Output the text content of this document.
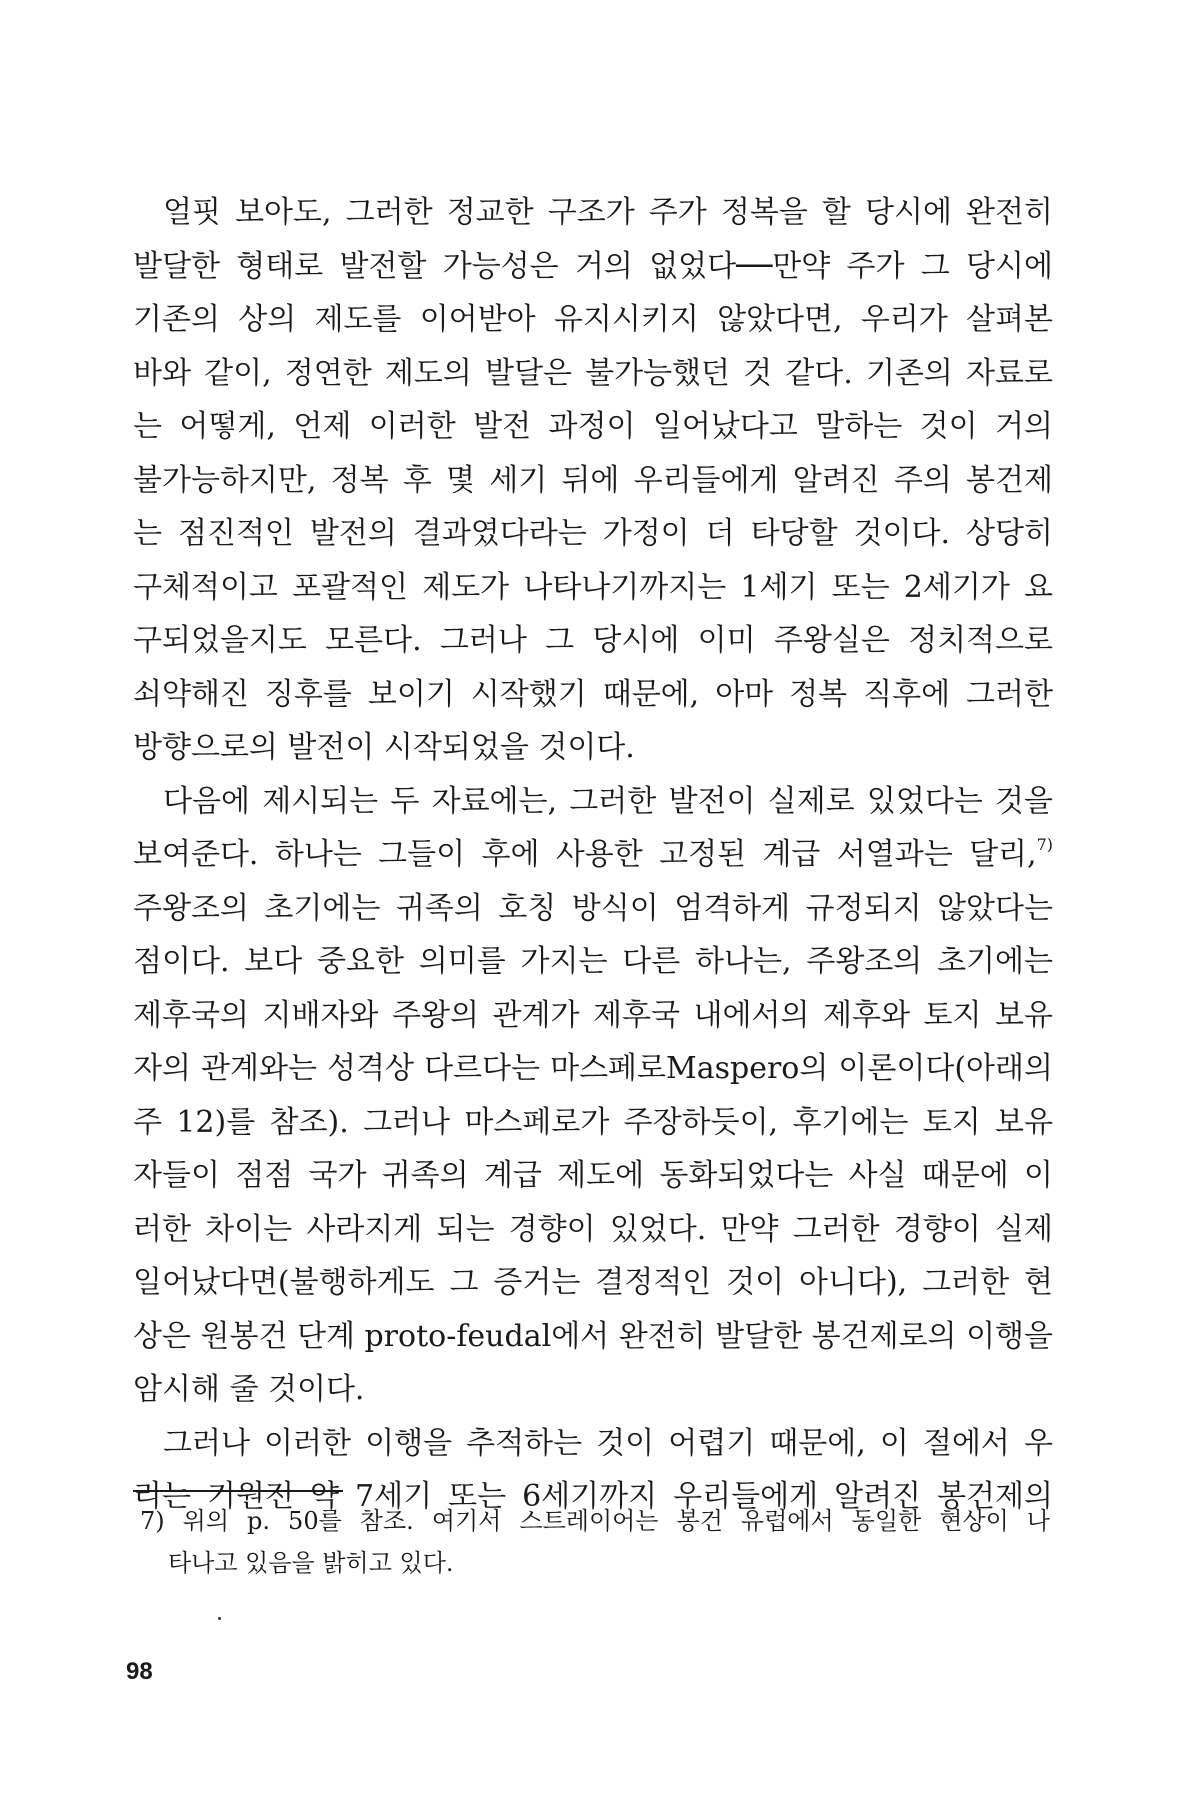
얼핏 보아도, 그러한 정교한 구조가 주가 정복을 할 당시에 완전히
발달한 형태로 발전할 가능성은 거의 없었다──만약 주가 그 당시에
기존의 상의 제도를 이어받아 유지시키지 않았다면, 우리가 살펴본
바와 같이, 정연한 제도의 발달은 불가능했던 것 같다. 기존의 자료로
는 어떻게, 언제 이러한 발전 과정이 일어났다고 말하는 것이 거의
불가능하지만, 정복 후 몇 세기 뒤에 우리들에게 알려진 주의 봉건제
는 점진적인 발전의 결과였다라는 가정이 더 타당할 것이다. 상당히
구체적이고 포괄적인 제도가 나타나기까지는 1세기 또는 2세기가 요
구되었을지도 모른다. 그러나 그 당시에 이미 주왕실은 정치적으로
쇠약해진 징후를 보이기 시작했기 때문에, 아마 정복 직후에 그러한
방향으로의 발전이 시작되었을 것이다.
다음에 제시되는 두 자료에는, 그러한 발전이 실제로 있었다는 것을
보여준다. 하나는 그들이 후에 사용한 고정된 계급 서열과는 달리,$^{7)}$
주왕조의 초기에는 귀족의 호칭 방식이 엄격하게 규정되지 않았다는
점이다. 보다 중요한 의미를 가지는 다른 하나는, 주왕조의 초기에는
제후국의 지배자와 주왕의 관계가 제후국 내에서의 제후와 토지 보유
자의 관계와는 성격상 다르다는 마스페로Maspero의 이론이다(아래의
주 12)를 참조). 그러나 마스페로가 주장하듯이, 후기에는 토지 보유
자들이 점점 국가 귀족의 계급 제도에 동화되었다는 사실 때문에 이
러한 차이는 사라지게 되는 경향이 있었다. 만약 그러한 경향이 실제
일어났다면(불행하게도 그 증거는 결정적인 것이 아니다), 그러한 현
상은 원봉건 단계 proto-feudal에서 완전히 발달한 봉건제로의 이행을
암시해 줄 것이다.
그러나 이러한 이행을 추적하는 것이 어렵기 때문에, 이 절에서 우
리는 기원전 약 7세기 또는 6세기까지 우리들에게 알려진 봉건제의
7) 위의 p. 50를 참조. 여기서 스트레이어는 봉건 유럽에서 동일한 현상이 나
타나고 있음을 밝히고 있다.
98
